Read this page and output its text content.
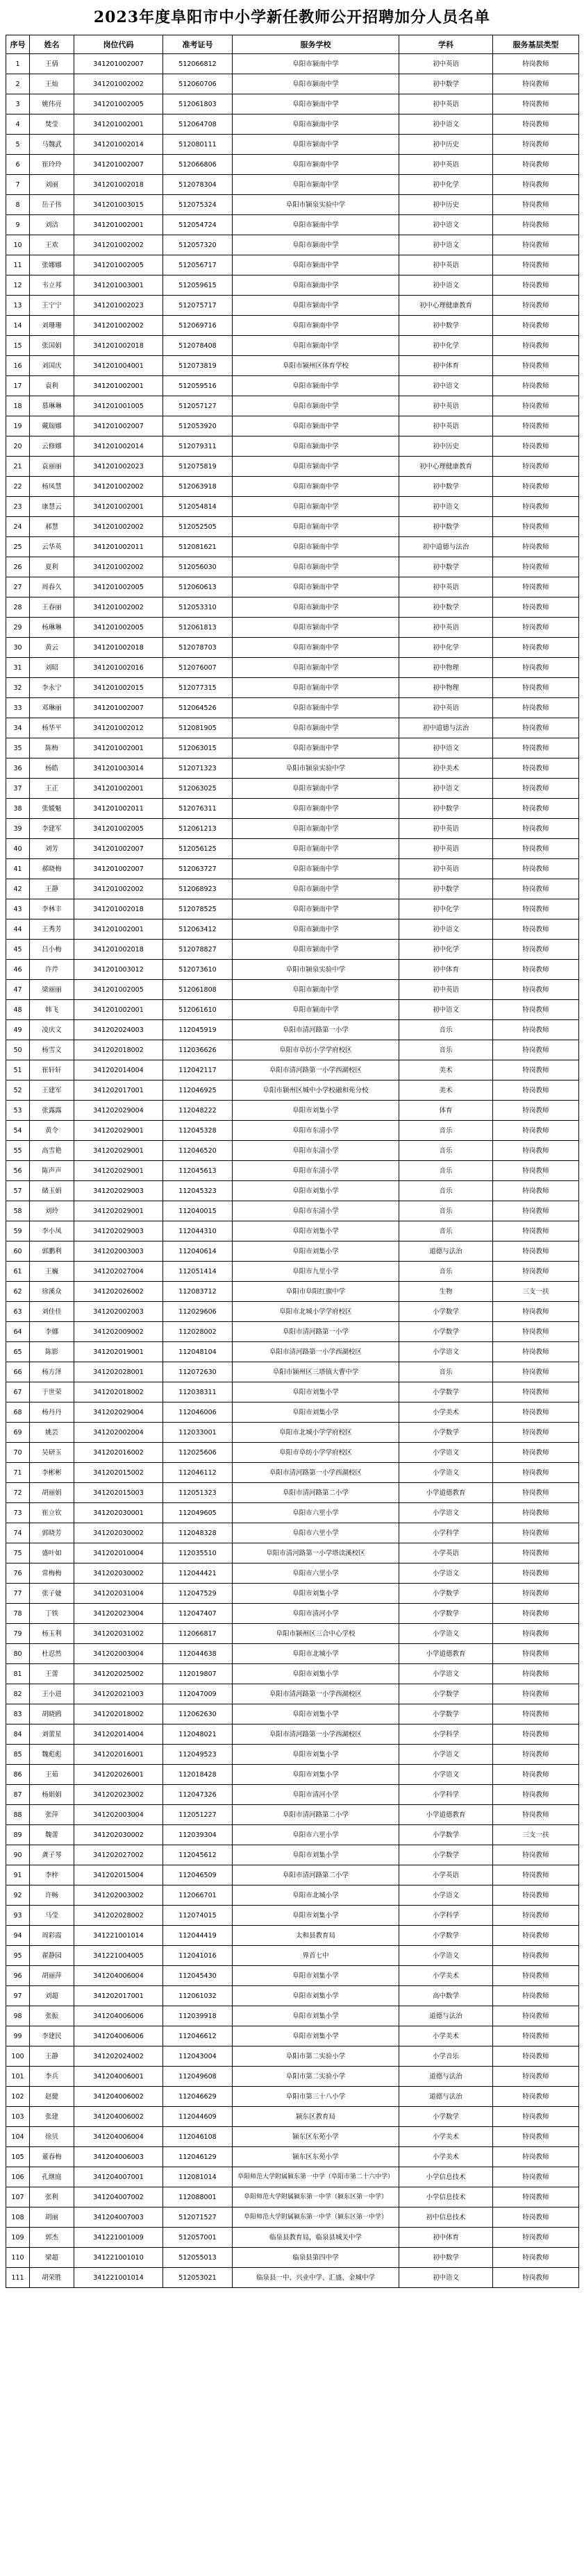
2023年度阜阳市中小学新任教师公开招聘加分人员名单
序号	姓名	岗位代码	准考证号	服务学校	学科	服务基层类型
1	王倩	341201002007	512066812	阜阳市颍南中学	初中英语	特岗教师
2	王灿	341201002002	512060706	阜阳市颍南中学	初中数学	特岗教师
3	姚伟亮	341201002005	512061803	阜阳市颍南中学	初中英语	特岗教师
4	焚莹	341201002001	512064708	阜阳市颍南中学	初中语文	特岗教师
5	马魏武	341201002014	512080111	阜阳市颍南中学	初中历史	特岗教师
6	崔玲玲	341201002007	512066806	阜阳市颍南中学	初中英语	特岗教师
7	刘丽	341201002018	512078304	阜阳市颍南中学	初中化学	特岗教师
8	岳子伟	341201003015	512075324	阜阳市颍泉实验中学	初中历史	特岗教师
9	刘洁	341201002001	512054724	阜阳市颍南中学	初中语文	特岗教师
10	王欢	341201002002	512057320	阜阳市颍南中学	初中语文	特岗教师
11	张娜娜	341201002005	512056717	阜阳市颍南中学	初中英语	特岗教师
12	韦立邦	341201003001	512059615	阜阳市颍南中学	初中语文	特岗教师
13	王宁宁	341201002023	512075717	阜阳市颍南中学	初中心理健康教育	特岗教师
14	刘珊珊	341201002002	512069716	阜阳市颍南中学	初中数学	特岗教师
15	张国娟	341201002018	512078408	阜阳市颍南中学	初中化学	特岗教师
16	刘国庆	341201004001	512073819	阜阳市颍州区体育学校	初中体育	特岗教师
17	袁利	341201002001	512059516	阜阳市颍南中学	初中语文	特岗教师
18	慕琳琳	341201001005	512057127	阜阳市颍南中学	初中英语	特岗教师
19	戴瑞娜	341201002007	512053920	阜阳市颍南中学	初中英语	特岗教师
20	云修娜	341201002014	512079311	阜阳市颍南中学	初中历史	特岗教师
21	袁丽丽	341201002023	512075819	阜阳市颍南中学	初中心理健康教育	特岗教师
22	杨凤慧	341201002002	512063918	阜阳市颍南中学	初中数学	特岗教师
23	康慧云	341201002001	512054814	阜阳市颍南中学	初中语文	特岗教师
24	郝慧	341201002002	512052505	阜阳市颍南中学	初中数学	特岗教师
25	云华英	341201002011	512081621	阜阳市颍南中学	初中道德与法治	特岗教师
26	夏利	341201002002	512056030	阜阳市颍南中学	初中数学	特岗教师
27	周春久	341201002005	512060613	阜阳市颍南中学	初中英语	特岗教师
28	王春丽	341201002002	512053310	阜阳市颍南中学	初中数学	特岗教师
29	杨琳琳	341201002005	512061813	阜阳市颍南中学	初中英语	特岗教师
30	黄云	341201002018	512078703	阜阳市颍南中学	初中化学	特岗教师
31	刘昭	341201002016	512076007	阜阳市颍南中学	初中物理	特岗教师
32	李永宁	341201002015	512077315	阜阳市颍南中学	初中物理	特岗教师
33	邓琳丽	341201002007	512064526	阜阳市颍南中学	初中英语	特岗教师
34	杨华平	341201002012	512081905	阜阳市颍南中学	初中道德与法治	特岗教师
35	陈梅	341201002001	512063015	阜阳市颍南中学	初中语文	特岗教师
36	杨皓	341201003014	512071323	阜阳市颍泉实验中学	初中美术	特岗教师
37	王正	341201002001	512063025	阜阳市颍南中学	初中语文	特岗教师
38	张媛魁	341201002011	512076311	阜阳市颍南中学	初中数学	特岗教师
39	李建军	341201002005	512061213	阜阳市颍南中学	初中英语	特岗教师
40	刘芳	341201002007	512056125	阜阳市颍南中学	初中英语	特岗教师
41	郝晓梅	341201002007	512063727	阜阳市颍南中学	初中英语	特岗教师
42	王静	341201002002	512068923	阜阳市颍南中学	初中数学	特岗教师
43	李林丰	341201002018	512078525	阜阳市颍南中学	初中化学	特岗教师
44	王秀芳	341201002001	512063412	阜阳市颍南中学	初中语文	特岗教师
45	吕小梅	341201002018	512078827	阜阳市颍南中学	初中化学	特岗教师
46	许芹	341201003012	512073610	阜阳市颍泉实验中学	初中体育	特岗教师
47	梁丽丽	341201002005	512061808	阜阳市颍南中学	初中英语	特岗教师
48	韩飞	341201002001	512061610	阜阳市颍南中学	初中语文	特岗教师
49	凌庆文	341202024003	112045919	阜阳市清河路第一小学	音乐	特岗教师
50	杨雪文	341202018002	112036626	阜阳市阜纺小学学府校区	音乐	特岗教师
51	崔轩轩	341202014004	112042117	阜阳市清河路第一小学西湖校区	美术	特岗教师
52	王建军	341202017001	112046925	阜阳市颍州区城中小学校融和苑分校	美术	特岗教师
53	张露露	341202029004	112048222	阜阳市刘集小学	体育	特岗教师
54	黄令	341202029001	112045328	阜阳市东清小学	音乐	特岗教师
55	高雪艳	341202029001	112046520	阜阳市东清小学	音乐	特岗教师
56	陈声声	341202029001	112045613	阜阳市东清小学	音乐	特岗教师
57	储玉娟	341202029003	112045323	阜阳市刘集小学	音乐	特岗教师
58	刘玲	341202029001	112040015	阜阳市东清小学	音乐	特岗教师
59	李小凤	341202029003	112044310	阜阳市刘集小学	音乐	特岗教师
60	郭鹏利	341202003003	112040614	阜阳市刘集小学	道德与法治	特岗教师
61	王巍	341202027004	112051414	阜阳市九里小学	音乐	特岗教师
62	徐溪众	341202026002	112083712	阜阳市阜阳红旗中学	生物	三支一扶
63	刘佳佳	341202002003	112029606	阜阳市北城小学学府校区	小学数学	特岗教师
64	李娜	341202009002	112028002	阜阳市清河路第一小学	小学数学	特岗教师
65	陈影	341202019001	112048104	阜阳市清河路第一小学西湖校区	小学语文	特岗教师
66	杨方泽	341202028001	112072630	阜阳市颍州区三塔镇大曹中学	音乐	特岗教师
67	于世荣	341202018002	112038311	阜阳市刘集小学	小学数学	特岗教师
68	杨丹丹	341202029004	112046006	阜阳市刘集小学	小学美术	特岗教师
69	姚芸	341202002004	112033001	阜阳市北城小学学府校区	小学数学	特岗教师
70	吴研玉	341202016002	112025606	阜阳市阜纺小学学府校区	小学语文	特岗教师
71	李彬彬	341202015002	112046112	阜阳市清河路第一小学西湖校区	小学语文	特岗教师
72	胡丽娟	341202015003	112051323	阜阳市清河路第二小学	小学道德教育	特岗教师
73	崔立钦	341202030001	112049605	阜阳市六里小学	小学语文	特岗教师
74	郭晓芳	341202030002	112048328	阜阳市六里小学	小学科学	特岗教师
75	盛叶如	341202010004	112035510	阜阳市清河路第一小学塔读溪校区	小学英语	特岗教师
76	常梅梅	341202030002	112044421	阜阳市六里小学	小学语文	特岗教师
77	张子婕	341202031004	112047529	阜阳市刘集小学	小学数学	特岗教师
78	丁铁	341202023004	112047407	阜阳市清河小学	小学数学	特岗教师
79	杨玉利	341202031002	112066817	阜阳市颍州区三合中心学校	小学语文	特岗教师
80	杜忍然	341202003004	112044638	阜阳市北城小学	小学道德教育	特岗教师
81	王蕾	341202025002	112019807	阜阳市刘集小学	小学语文	特岗教师
82	王小进	341202021003	112047009	阜阳市清河路第一小学西湖校区	小学数学	特岗教师
83	胡晓鸥	341202018002	112062630	阜阳市刘集小学	小学数学	特岗教师
84	刘蕾星	341202014004	112048021	阜阳市清河路第一小学西湖校区	小学科学	特岗教师
85	魏彪彪	341202016001	112049523	阜阳市刘集小学	小学语文	特岗教师
86	王茹	341202026001	112018428	阜阳市刘集小学	小学语文	特岗教师
87	杨娟娟	341202023002	112047326	阜阳市清河小学	小学科学	特岗教师
88	张萍	341202003004	112051227	阜阳市清河路第二小学	小学道德教育	特岗教师
89	魏蕾	341202030002	112039304	阜阳市六里小学	小学数学	三支一扶
90	龚子琴	341202027002	112045612	阜阳市刘集小学	小学数学	特岗教师
91	李梓	341202015004	112046509	阜阳市清河路第二小学	小学英语	特岗教师
92	许畅	341202003002	112066701	阜阳市北城小学	小学语文	特岗教师
93	马莹	341202028002	112074015	阜阳市刘集小学	小学科学	特岗教师
94	周彩霞	341221001014	112044419	太和县教育局	小学数学	特岗教师
95	翟静园	341221004005	112041016	界首七中	小学语文	特岗教师
96	胡丽萍	341204006004	112045430	阜阳市刘集小学	小学美术	特岗教师
97	刘超	341202017001	112061032	阜阳市刘集小学	高中数学	特岗教师
98	张振	341204006006	112039918	阜阳市刘集小学	道德与法治	特岗教师
99	李建民	341204006006	112046612	阜阳市刘集小学	小学美术	特岗教师
100	王静	341202024002	112043004	阜阳市第二实验小学	小学音乐	特岗教师
101	李兵	341204006001	112049608	阜阳市第二实验小学	道德与法治	特岗教师
102	赵健	341204006002	112046629	阜阳市第三十八小学	道德与法治	特岗教师
103	张建	341204006002	112044609	颍东区教育局	小学数学	特岗教师
104	徐贝	341204006004	112046108	颍东区东苑小学	小学美术	特岗教师
105	董春梅	341204006003	112046129	颍东区东苑小学	小学美术	特岗教师
106	孔继庭	341204007001	112081014	阜阳师范大学附属颍东第一中学（阜阳市第二十六中学）	小学信息技术	特岗教师
107	张利	341204007002	112088001	阜阳师范大学附属颍东第一中学（颍东区第一中学）	小学信息技术	特岗教师
108	胡丽	341204007003	512071527	阜阳师范大学附属颍东第一中学（颍东区第一中学）	初中信息技术	特岗教师
109	郭杰	341221001009	512057001	临泉县教育局，临泉县城关中学	初中体育	特岗教师
110	梁超	341221001010	512055013	临泉县第四中学	初中数学	特岗教师
111	胡荣胜	341221001014	512053021	临泉县一中、兴业中学、汇盛、金城中学	初中语文	特岗教师
